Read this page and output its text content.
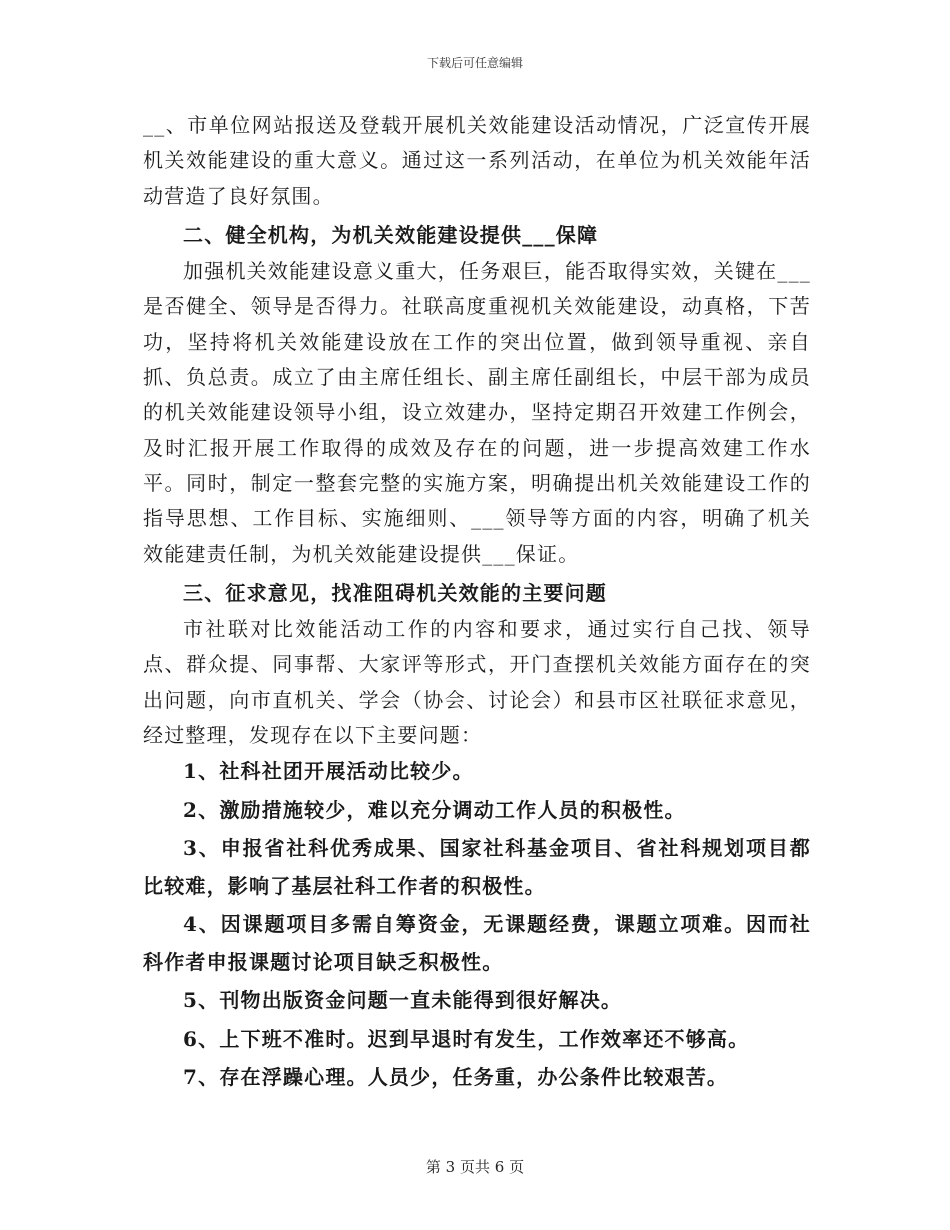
下载后可任意编辑

__、市单位网站报送及登载开展机关效能建设活动情况，广泛宣传开展机关效能建设的重大意义。通过这一系列活动，在单位为机关效能年活动营造了良好氛围。

二、健全机构，为机关效能建设提供___保障

加强机关效能建设意义重大，任务艰巨，能否取得实效，关键在___是否健全、领导是否得力。社联高度重视机关效能建设，动真格，下苦功，坚持将机关效能建设放在工作的突出位置，做到领导重视、亲自抓、负总责。成立了由主席任组长、副主席任副组长，中层干部为成员的机关效能建设领导小组，设立效建办，坚持定期召开效建工作例会，及时汇报开展工作取得的成效及存在的问题，进一步提高效建工作水平。同时，制定一整套完整的实施方案，明确提出机关效能建设工作的指导思想、工作目标、实施细则、___领导等方面的内容，明确了机关效能建责任制，为机关效能建设提供___保证。

三、征求意见，找准阻碍机关效能的主要问题

市社联对比效能活动工作的内容和要求，通过实行自己找、领导点、群众提、同事帮、大家评等形式，开门查摆机关效能方面存在的突出问题，向市直机关、学会（协会、讨论会）和县市区社联征求意见，经过整理，发现存在以下主要问题：

1、社科社团开展活动比较少。

2、激励措施较少，难以充分调动工作人员的积极性。

3、申报省社科优秀成果、国家社科基金项目、省社科规划项目都比较难，影响了基层社科工作者的积极性。

4、因课题项目多需自筹资金，无课题经费，课题立项难。因而社科作者申报课题讨论项目缺乏积极性。

5、刊物出版资金问题一直未能得到很好解决。

6、上下班不准时。迟到早退时有发生，工作效率还不够高。

7、存在浮躁心理。人员少，任务重，办公条件比较艰苦。

第 3 页共 6 页
